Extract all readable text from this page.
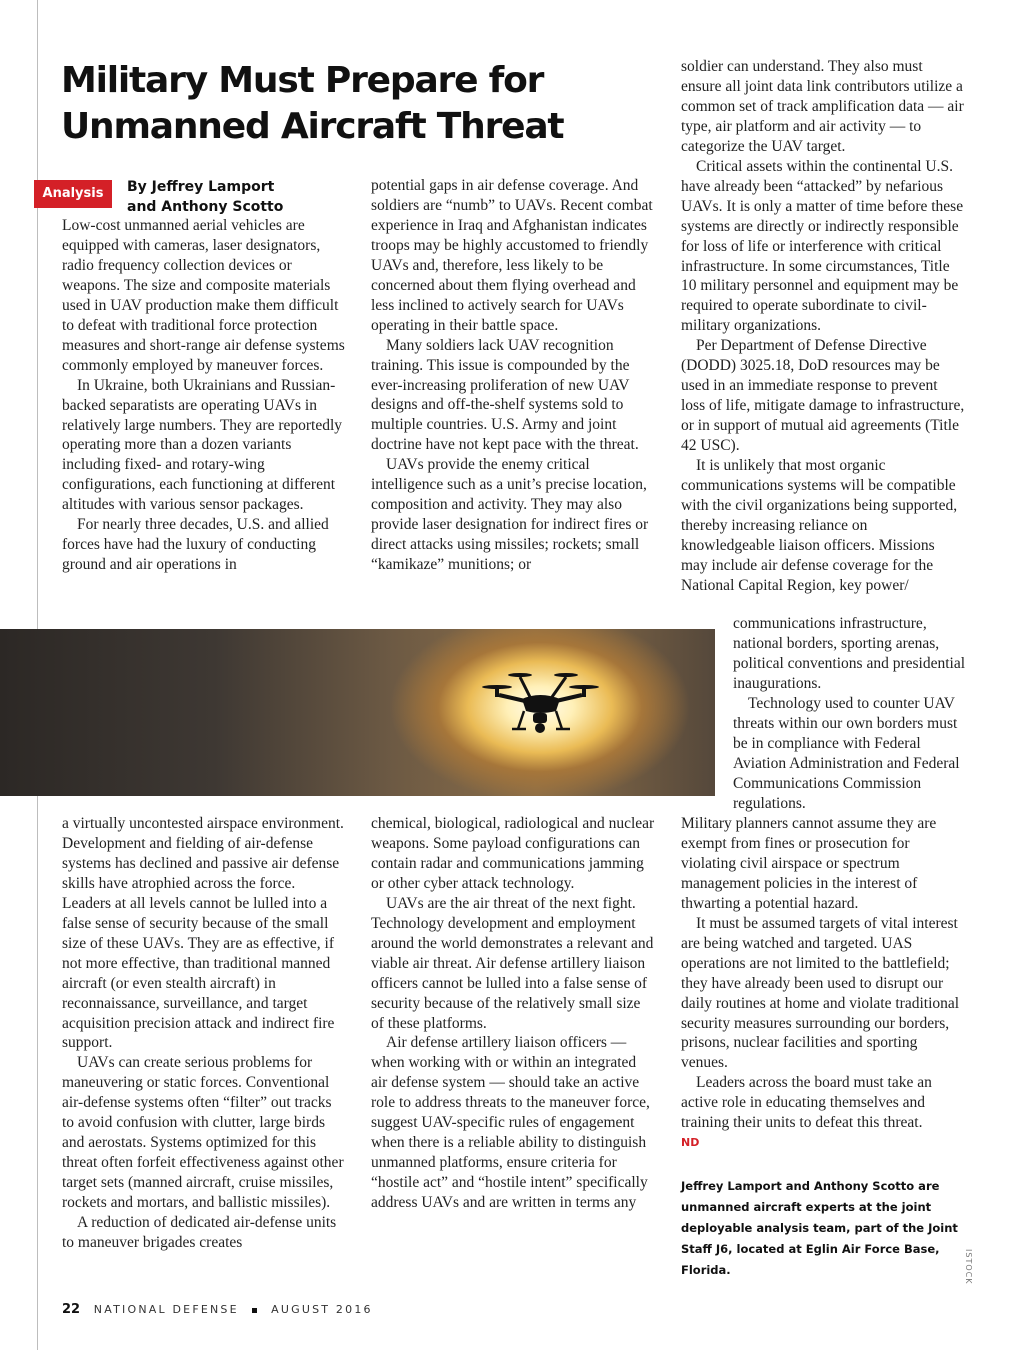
Military Must Prepare for
Unmanned Aircraft Threat
Analysis	By Jeffrey Lamport
and Anthony Scotto

Low-cost unmanned aerial vehicles are equipped with cameras, laser designators, radio frequency collection devices or weapons. The size and composite materials used in UAV production make them difficult to defeat with traditional force protection measures and short-range air defense systems commonly employed by maneuver forces.

In Ukraine, both Ukrainians and Russian-backed separatists are operating UAVs in relatively large numbers. They are reportedly operating more than a dozen variants including fixed- and rotary-wing configurations, each functioning at different altitudes with various sensor packages.

For nearly three decades, U.S. and allied forces have had the luxury of conducting ground and air operations in

potential gaps in air defense coverage. And soldiers are “numb” to UAVs. Recent combat experience in Iraq and Afghanistan indicates troops may be highly accustomed to friendly UAVs and, therefore, less likely to be concerned about them flying overhead and less inclined to actively search for UAVs operating in their battle space.

Many soldiers lack UAV recognition training. This issue is compounded by the ever-increasing proliferation of new UAV designs and off-the-shelf systems sold to multiple countries. U.S. Army and joint doctrine have not kept pace with the threat.

UAVs provide the enemy critical intelligence such as a unit’s precise location, composition and activity. They may also provide laser designation for indirect fires or direct attacks using missiles; rockets; small “kamikaze” munitions; or

soldier can understand. They also must ensure all joint data link contributors utilize a common set of track amplification data — air type, air platform and air activity — to categorize the UAV target.

Critical assets within the continental U.S. have already been “attacked” by nefarious UAVs. It is only a matter of time before these systems are directly or indirectly responsible for loss of life or interference with critical infrastructure. In some circumstances, Title 10 military personnel and equipment may be required to operate subordinate to civil-military organizations.

Per Department of Defense Directive (DODD) 3025.18, DoD resources may be used in an immediate response to prevent loss of life, mitigate damage to infrastructure, or in support of mutual aid agreements (Title 42 USC).

It is unlikely that most organic communications systems will be compatible with the civil organizations being supported, thereby increasing reliance on knowledgeable liaison officers. Missions may include air defense coverage for the National Capital Region, key power/

communications infrastructure, national borders, sporting arenas, political conventions and presidential inaugurations.

Technology used to counter UAV threats within our own borders must be in compliance with Federal Aviation Administration and Federal Communications Commission regulations.

a virtually uncontested airspace environment. Development and fielding of air-defense systems has declined and passive air defense skills have atrophied across the force. Leaders at all levels cannot be lulled into a false sense of security because of the small size of these UAVs. They are as effective, if not more effective, than traditional manned aircraft (or even stealth aircraft) in reconnaissance, surveillance, and target acquisition precision attack and indirect fire support.

UAVs can create serious problems for maneuvering or static forces. Conventional air-defense systems often “filter” out tracks to avoid confusion with clutter, large birds and aerostats. Systems optimized for this threat often forfeit effectiveness against other target sets (manned aircraft, cruise missiles, rockets and mortars, and ballistic missiles).

A reduction of dedicated air-defense units to maneuver brigades creates

chemical, biological, radiological and nuclear weapons. Some payload configurations can contain radar and communications jamming or other cyber attack technology.

UAVs are the air threat of the next fight. Technology development and employment around the world demonstrates a relevant and viable air threat. Air defense artillery liaison officers cannot be lulled into a false sense of security because of the relatively small size of these platforms.

Air defense artillery liaison officers — when working with or within an integrated air defense system — should take an active role to address threats to the maneuver force, suggest UAV-specific rules of engagement when there is a reliable ability to distinguish unmanned platforms, ensure criteria for “hostile act” and “hostile intent” specifically address UAVs and are written in terms any

Military planners cannot assume they are exempt from fines or prosecution for violating civil airspace or spectrum management policies in the interest of thwarting a potential hazard.

It must be assumed targets of vital interest are being watched and targeted. UAS operations are not limited to the battlefield; they have already been used to disrupt our daily routines at home and violate traditional security measures surrounding our borders, prisons, nuclear facilities and sporting venues.

Leaders across the board must take an active role in educating themselves and training their units to defeat this threat.

ND
Jeffrey Lamport and Anthony Scotto are unmanned aircraft experts at the joint deployable analysis team, part of the Joint Staff J6, located at Eglin Air Force Base, Florida.	ISTOCK
22 NATIONAL DEFENSE	AUGUST 2016
